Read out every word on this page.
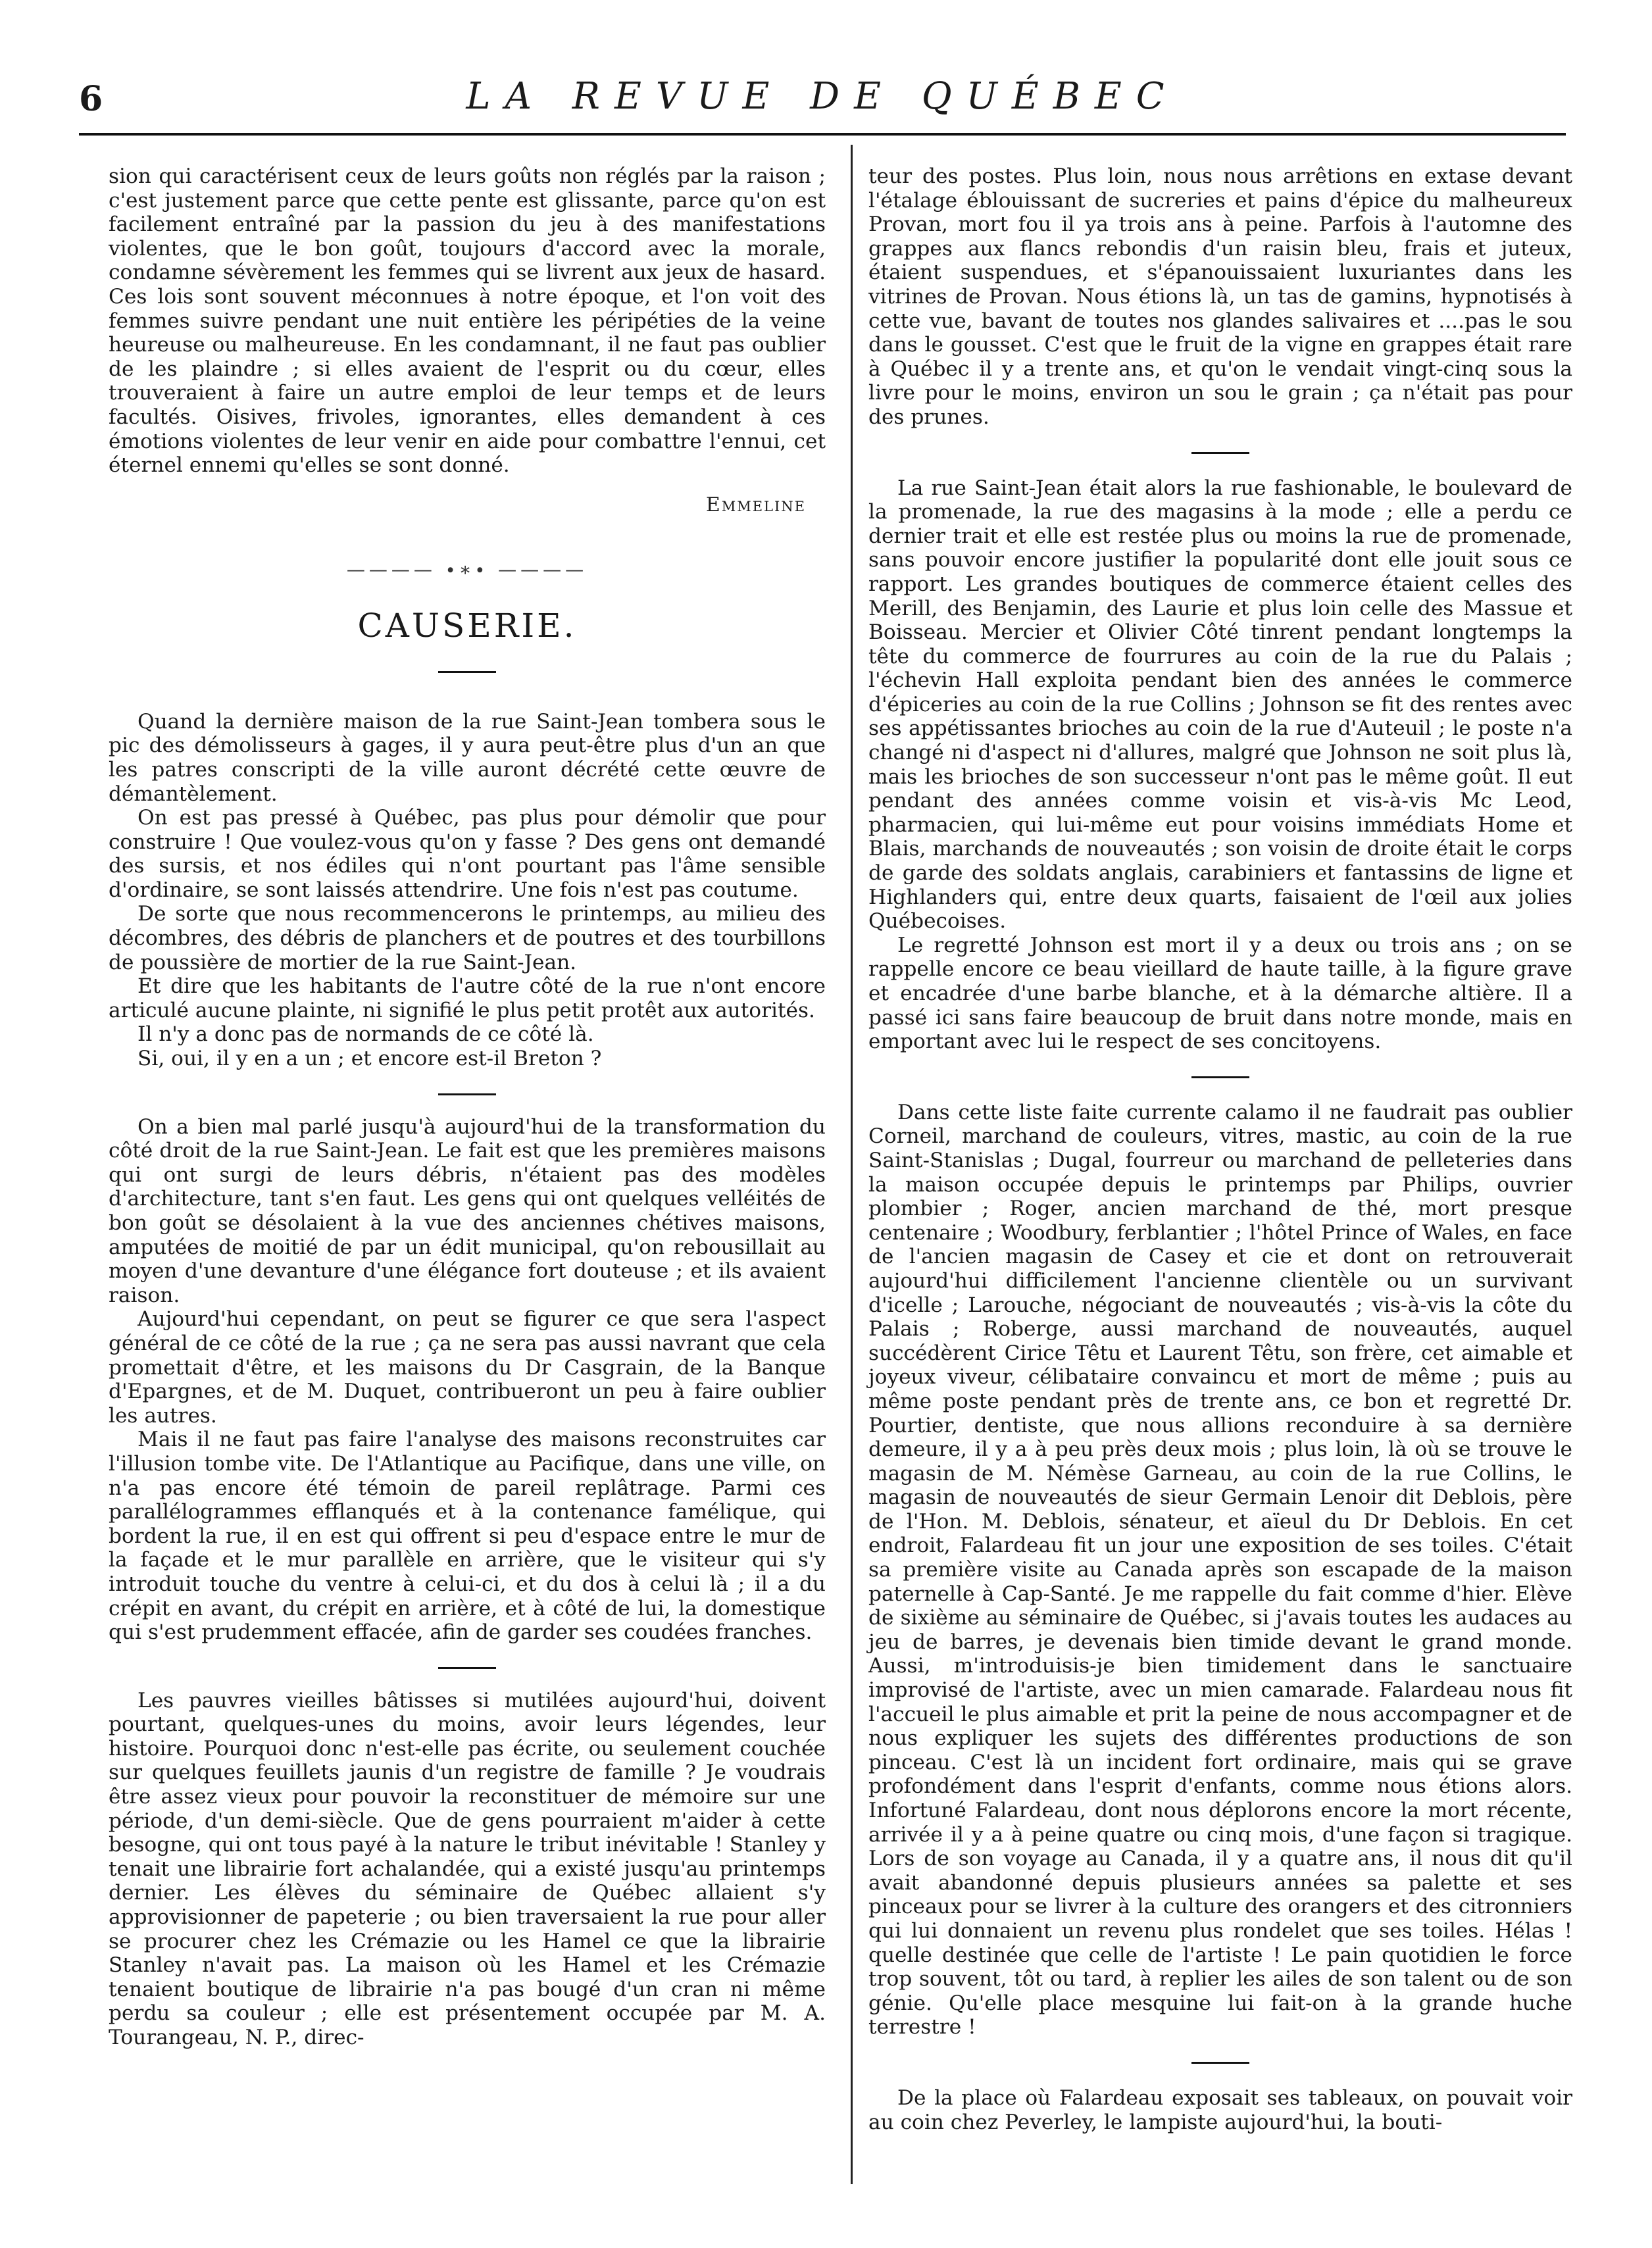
6	LA REVUE DE QUÉBEC

sion qui caractérisent ceux de leurs goûts non réglés par la raison ; c'est justement parce que cette pente est glissante, parce qu'on est facilement entraîné par la passion du jeu à des manifestations violentes, que le bon goût, toujours d'accord avec la morale, condamne sévèrement les femmes qui se livrent aux jeux de hasard. Ces lois sont souvent méconnues à notre époque, et l'on voit des femmes suivre pendant une nuit entière les péripéties de la veine heureuse ou malheureuse. En les condamnant, il ne faut pas oublier de les plaindre ; si elles avaient de l'esprit ou du cœur, elles trouveraient à faire un autre emploi de leur temps et de leurs facultés. Oisives, frivoles, ignorantes, elles demandent à ces émotions violentes de leur venir en aide pour combattre l'ennui, cet éternel ennemi qu'elles se sont donné.

Emmeline
———— ∙∗∙ ————
CAUSERIE.

Quand la dernière maison de la rue Saint-Jean tombera sous le pic des démolisseurs à gages, il y aura peut-être plus d'un an que les patres conscripti de la ville auront décrété cette œuvre de démantèlement.

On est pas pressé à Québec, pas plus pour démolir que pour construire ! Que voulez-vous qu'on y fasse ? Des gens ont demandé des sursis, et nos édiles qui n'ont pourtant pas l'âme sensible d'ordinaire, se sont laissés attendrire. Une fois n'est pas coutume.

De sorte que nous recommencerons le printemps, au milieu des décombres, des débris de planchers et de poutres et des tourbillons de poussière de mortier de la rue Saint-Jean.

Et dire que les habitants de l'autre côté de la rue n'ont encore articulé aucune plainte, ni signifié le plus petit protêt aux autorités.

Il n'y a donc pas de normands de ce côté là.

Si, oui, il y en a un ; et encore est-il Breton ?

On a bien mal parlé jusqu'à aujourd'hui de la transformation du côté droit de la rue Saint-Jean. Le fait est que les premières maisons qui ont surgi de leurs débris, n'étaient pas des modèles d'architecture, tant s'en faut. Les gens qui ont quelques velléités de bon goût se désolaient à la vue des anciennes chétives maisons, amputées de moitié de par un édit municipal, qu'on rebousillait au moyen d'une devanture d'une élégance fort douteuse ; et ils avaient raison.

Aujourd'hui cependant, on peut se figurer ce que sera l'aspect général de ce côté de la rue ; ça ne sera pas aussi navrant que cela promettait d'être, et les maisons du Dr Casgrain, de la Banque d'Epargnes, et de M. Duquet, contribueront un peu à faire oublier les autres.

Mais il ne faut pas faire l'analyse des maisons reconstruites car l'illusion tombe vite. De l'Atlantique au Pacifique, dans une ville, on n'a pas encore été témoin de pareil replâtrage. Parmi ces parallélogrammes efflanqués et à la contenance famélique, qui bordent la rue, il en est qui offrent si peu d'espace entre le mur de la façade et le mur parallèle en arrière, que le visiteur qui s'y introduit touche du ventre à celui-ci, et du dos à celui là ; il a du crépit en avant, du crépit en arrière, et à côté de lui, la domestique qui s'est prudemment effacée, afin de garder ses coudées franches.

Les pauvres vieilles bâtisses si mutilées aujourd'hui, doivent pourtant, quelques-unes du moins, avoir leurs légendes, leur histoire. Pourquoi donc n'est-elle pas écrite, ou seulement couchée sur quelques feuillets jaunis d'un registre de famille ? Je voudrais être assez vieux pour pouvoir la reconstituer de mémoire sur une période, d'un demi-siècle. Que de gens pourraient m'aider à cette besogne, qui ont tous payé à la nature le tribut inévitable ! Stanley y tenait une librairie fort achalandée, qui a existé jusqu'au printemps dernier. Les élèves du séminaire de Québec allaient s'y approvisionner de papeterie ; ou bien traversaient la rue pour aller se procurer chez les Crémazie ou les Hamel ce que la librairie Stanley n'avait pas. La maison où les Hamel et les Crémazie tenaient boutique de librairie n'a pas bougé d'un cran ni même perdu sa couleur ; elle est présentement occupée par M. A. Tourangeau, N. P., direc-

teur des postes. Plus loin, nous nous arrêtions en extase devant l'étalage éblouissant de sucreries et pains d'épice du malheureux Provan, mort fou il ya trois ans à peine. Parfois à l'automne des grappes aux flancs rebondis d'un raisin bleu, frais et juteux, étaient suspendues, et s'épanouissaient luxuriantes dans les vitrines de Provan. Nous étions là, un tas de gamins, hypnotisés à cette vue, bavant de toutes nos glandes salivaires et ....pas le sou dans le gousset. C'est que le fruit de la vigne en grappes était rare à Québec il y a trente ans, et qu'on le vendait vingt-cinq sous la livre pour le moins, environ un sou le grain ; ça n'était pas pour des prunes.

La rue Saint-Jean était alors la rue fashionable, le boulevard de la promenade, la rue des magasins à la mode ; elle a perdu ce dernier trait et elle est restée plus ou moins la rue de promenade, sans pouvoir encore justifier la popularité dont elle jouit sous ce rapport. Les grandes boutiques de commerce étaient celles des Merill, des Benjamin, des Laurie et plus loin celle des Massue et Boisseau. Mercier et Olivier Côté tinrent pendant longtemps la tête du commerce de fourrures au coin de la rue du Palais ; l'échevin Hall exploita pendant bien des années le commerce d'épiceries au coin de la rue Collins ; Johnson se fit des rentes avec ses appétissantes brioches au coin de la rue d'Auteuil ; le poste n'a changé ni d'aspect ni d'allures, malgré que Johnson ne soit plus là, mais les brioches de son successeur n'ont pas le même goût. Il eut pendant des années comme voisin et vis-à-vis Mc Leod, pharmacien, qui lui-même eut pour voisins immédiats Home et Blais, marchands de nouveautés ; son voisin de droite était le corps de garde des soldats anglais, carabiniers et fantassins de ligne et Highlanders qui, entre deux quarts, faisaient de l'œil aux jolies Québecoises.

Le regretté Johnson est mort il y a deux ou trois ans ; on se rappelle encore ce beau vieillard de haute taille, à la figure grave et encadrée d'une barbe blanche, et à la démarche altière. Il a passé ici sans faire beaucoup de bruit dans notre monde, mais en emportant avec lui le respect de ses concitoyens.

Dans cette liste faite currente calamo il ne faudrait pas oublier Corneil, marchand de couleurs, vitres, mastic, au coin de la rue Saint-Stanislas ; Dugal, fourreur ou marchand de pelleteries dans la maison occupée depuis le printemps par Philips, ouvrier plombier ; Roger, ancien marchand de thé, mort presque centenaire ; Woodbury, ferblantier ; l'hôtel Prince of Wales, en face de l'ancien magasin de Casey et cie et dont on retrouverait aujourd'hui difficilement l'ancienne clientèle ou un survivant d'icelle ; Larouche, négociant de nouveautés ; vis-à-vis la côte du Palais ; Roberge, aussi marchand de nouveautés, auquel succédèrent Cirice Têtu et Laurent Têtu, son frère, cet aimable et joyeux viveur, célibataire convaincu et mort de même ; puis au même poste pendant près de trente ans, ce bon et regretté Dr. Pourtier, dentiste, que nous allions reconduire à sa dernière demeure, il y a à peu près deux mois ; plus loin, là où se trouve le magasin de M. Némèse Garneau, au coin de la rue Collins, le magasin de nouveautés de sieur Germain Lenoir dit Deblois, père de l'Hon. M. Deblois, sénateur, et aïeul du Dr Deblois. En cet endroit, Falardeau fit un jour une exposition de ses toiles. C'était sa première visite au Canada après son escapade de la maison paternelle à Cap-Santé. Je me rappelle du fait comme d'hier. Elève de sixième au séminaire de Québec, si j'avais toutes les audaces au jeu de barres, je devenais bien timide devant le grand monde. Aussi, m'introduisis-je bien timidement dans le sanctuaire improvisé de l'artiste, avec un mien camarade. Falardeau nous fit l'accueil le plus aimable et prit la peine de nous accompagner et de nous expliquer les sujets des différentes productions de son pinceau. C'est là un incident fort ordinaire, mais qui se grave profondément dans l'esprit d'enfants, comme nous étions alors. Infortuné Falardeau, dont nous déplorons encore la mort récente, arrivée il y a à peine quatre ou cinq mois, d'une façon si tragique. Lors de son voyage au Canada, il y a quatre ans, il nous dit qu'il avait abandonné depuis plusieurs années sa palette et ses pinceaux pour se livrer à la culture des orangers et des citronniers qui lui donnaient un revenu plus rondelet que ses toiles. Hélas ! quelle destinée que celle de l'artiste ! Le pain quotidien le force trop souvent, tôt ou tard, à replier les ailes de son talent ou de son génie. Qu'elle place mesquine lui fait-on à la grande huche terrestre !

De la place où Falardeau exposait ses tableaux, on pouvait voir au coin chez Peverley, le lampiste aujourd'hui, la bouti-
